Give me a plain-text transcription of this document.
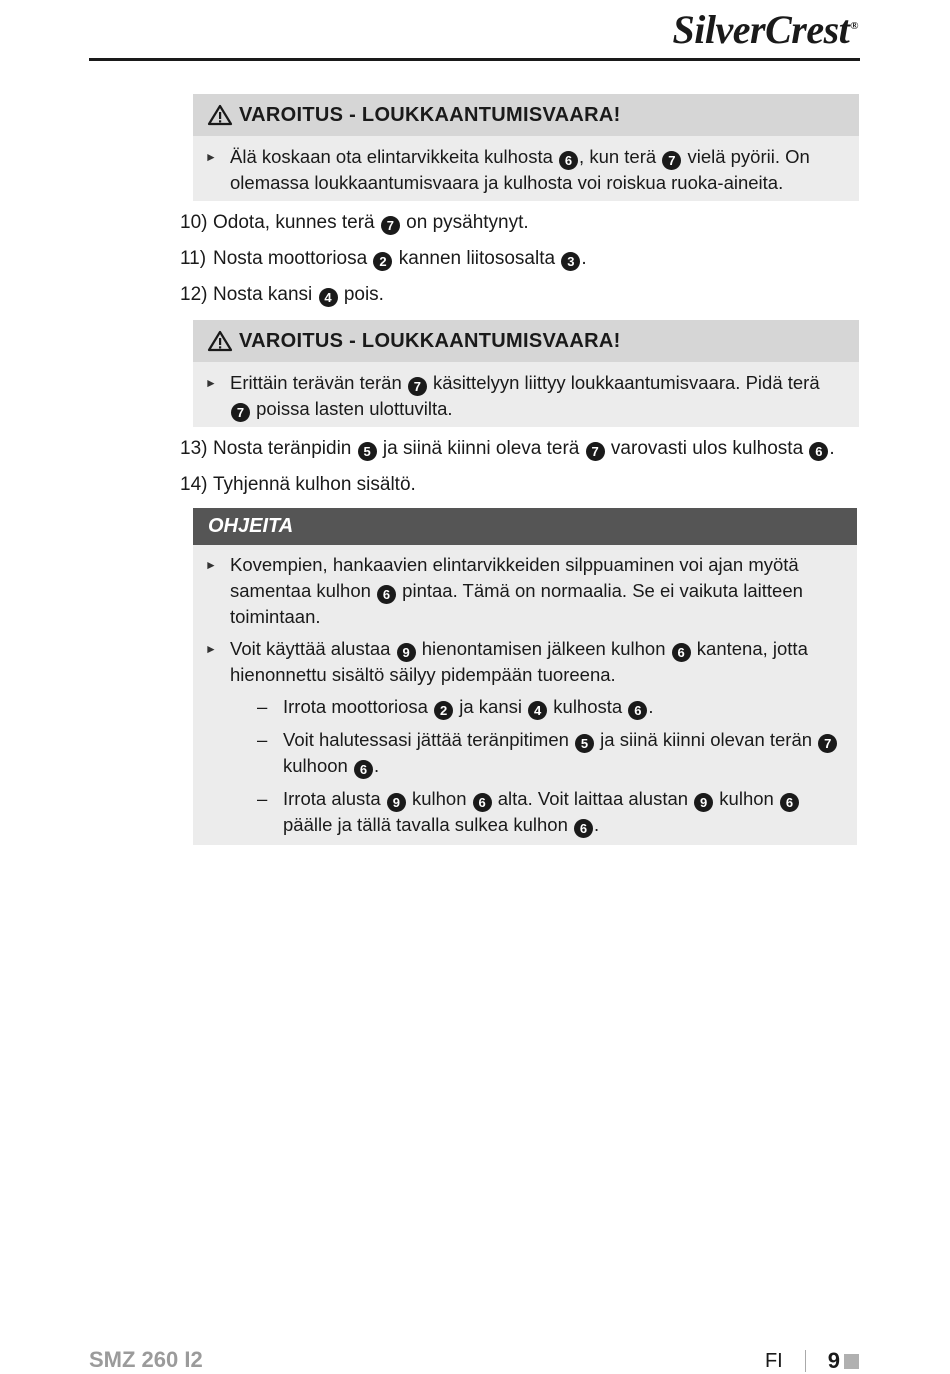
SilverCrest®
VAROITUS - LOUKKAANTUMISVAARA!
► Älä koskaan ota elintarvikkeita kulhosta 6 , kun terä 7 vielä pyörii. On olemassa loukkaantumisvaara ja kulhosta voi roiskua ruoka-aineita.
10) Odota, kunnes terä 7 on pysähtynyt.
11) Nosta moottoriosa 2 kannen liitososalta 3 .
12) Nosta kansi 4 pois.
VAROITUS - LOUKKAANTUMISVAARA!
► Erittäin terävän terän 7 käsittelyyn liittyy loukkaantumisvaara. Pidä terä 7 poissa lasten ulottuvilta.
13) Nosta teränpidin 5 ja siinä kiinni oleva terä 7 varovasti ulos kulhosta 6 .
14) Tyhjennä kulhon sisältö.
OHJEITA
► Kovempien, hankaavien elintarvikkeiden silppuaminen voi ajan myötä samentaa kulhon 6 pintaa. Tämä on normaalia. Se ei vaikuta laitteen toimintaan.
► Voit käyttää alustaa 9 hienontamisen jälkeen kulhon 6 kantena, jotta hienonnettu sisältö säilyy pidempään tuoreena.
– Irrota moottoriosa 2 ja kansi 4 kulhosta 6 .
– Voit halutessasi jättää teränpitimen 5 ja siinä kiinni olevan terän 7 kulhoon 6 .
– Irrota alusta 9 kulhon 6 alta. Voit laittaa alustan 9 kulhon 6 päälle ja tällä tavalla sulkea kulhon 6 .
SMZ 260 I2	FI 9
